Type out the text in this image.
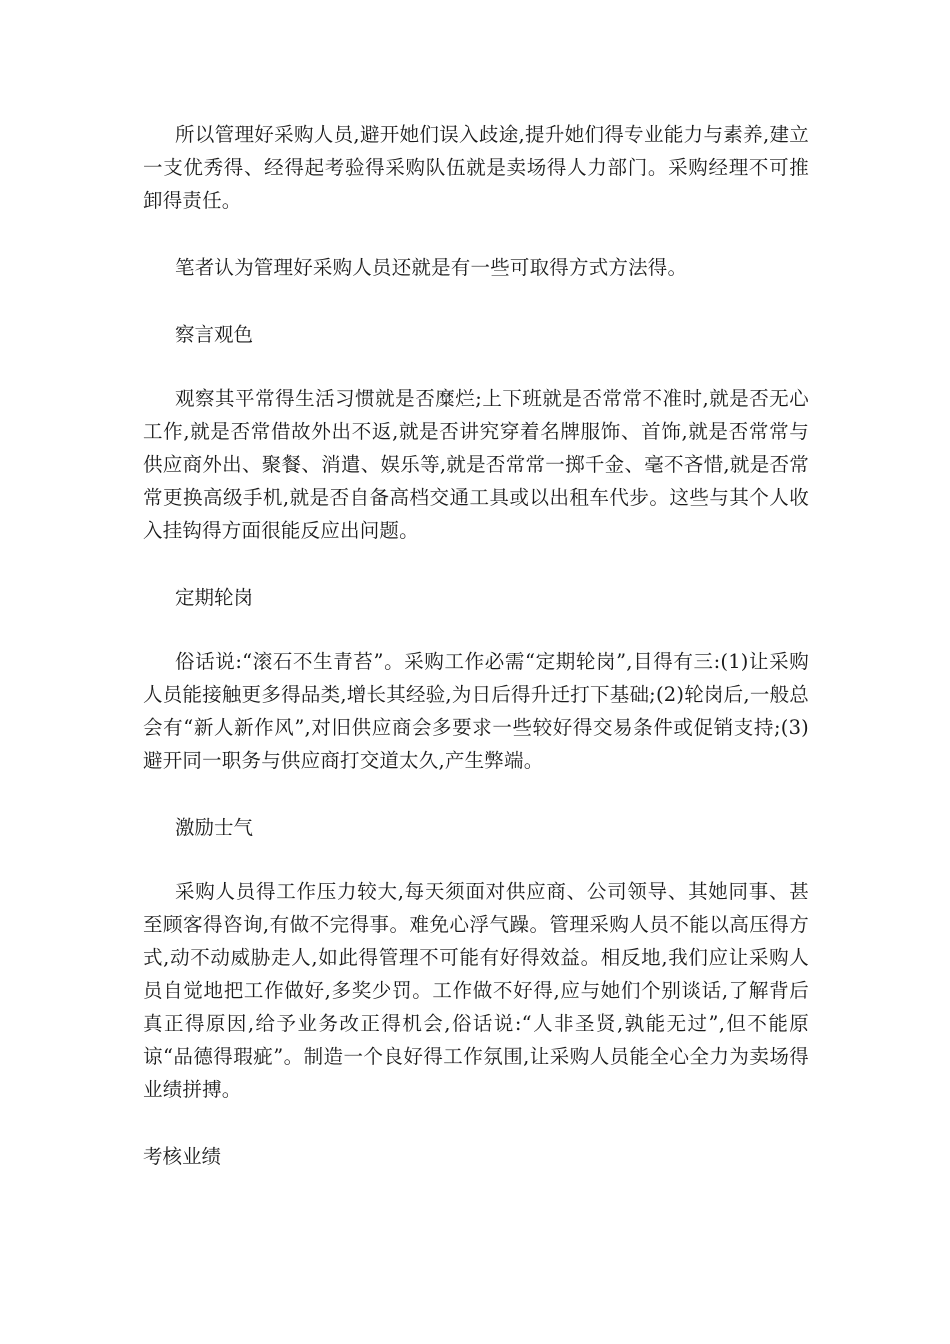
所以管理好采购人员,避开她们误入歧途,提升她们得专业能力与素养,建立一支优秀得、经得起考验得采购队伍就是卖场得人力部门。采购经理不可推卸得责任。

笔者认为管理好采购人员还就是有一些可取得方式方法得。

察言观色

观察其平常得生活习惯就是否糜烂;上下班就是否常常不准时,就是否无心工作,就是否常借故外出不返,就是否讲究穿着名牌服饰、首饰,就是否常常与供应商外出、聚餐、消遣、娱乐等,就是否常常一掷千金、毫不吝惜,就是否常常更换高级手机,就是否自备高档交通工具或以出租车代步。这些与其个人收入挂钩得方面很能反应出问题。

定期轮岗

俗话说:“滚石不生青苔”。采购工作必需“定期轮岗”,目得有三:(1)让采购人员能接触更多得品类,增长其经验,为日后得升迁打下基础;(2)轮岗后,一般总会有“新人新作风”,对旧供应商会多要求一些较好得交易条件或促销支持;(3)避开同一职务与供应商打交道太久,产生弊端。

激励士气

采购人员得工作压力较大,每天须面对供应商、公司领导、其她同事、甚至顾客得咨询,有做不完得事。难免心浮气躁。管理采购人员不能以高压得方式,动不动威胁走人,如此得管理不可能有好得效益。相反地,我们应让采购人员自觉地把工作做好,多奖少罚。工作做不好得,应与她们个别谈话,了解背后真正得原因,给予业务改正得机会,俗话说:“人非圣贤,孰能无过”,但不能原谅“品德得瑕疵”。制造一个良好得工作氛围,让采购人员能全心全力为卖场得业绩拼搏。

考核业绩
